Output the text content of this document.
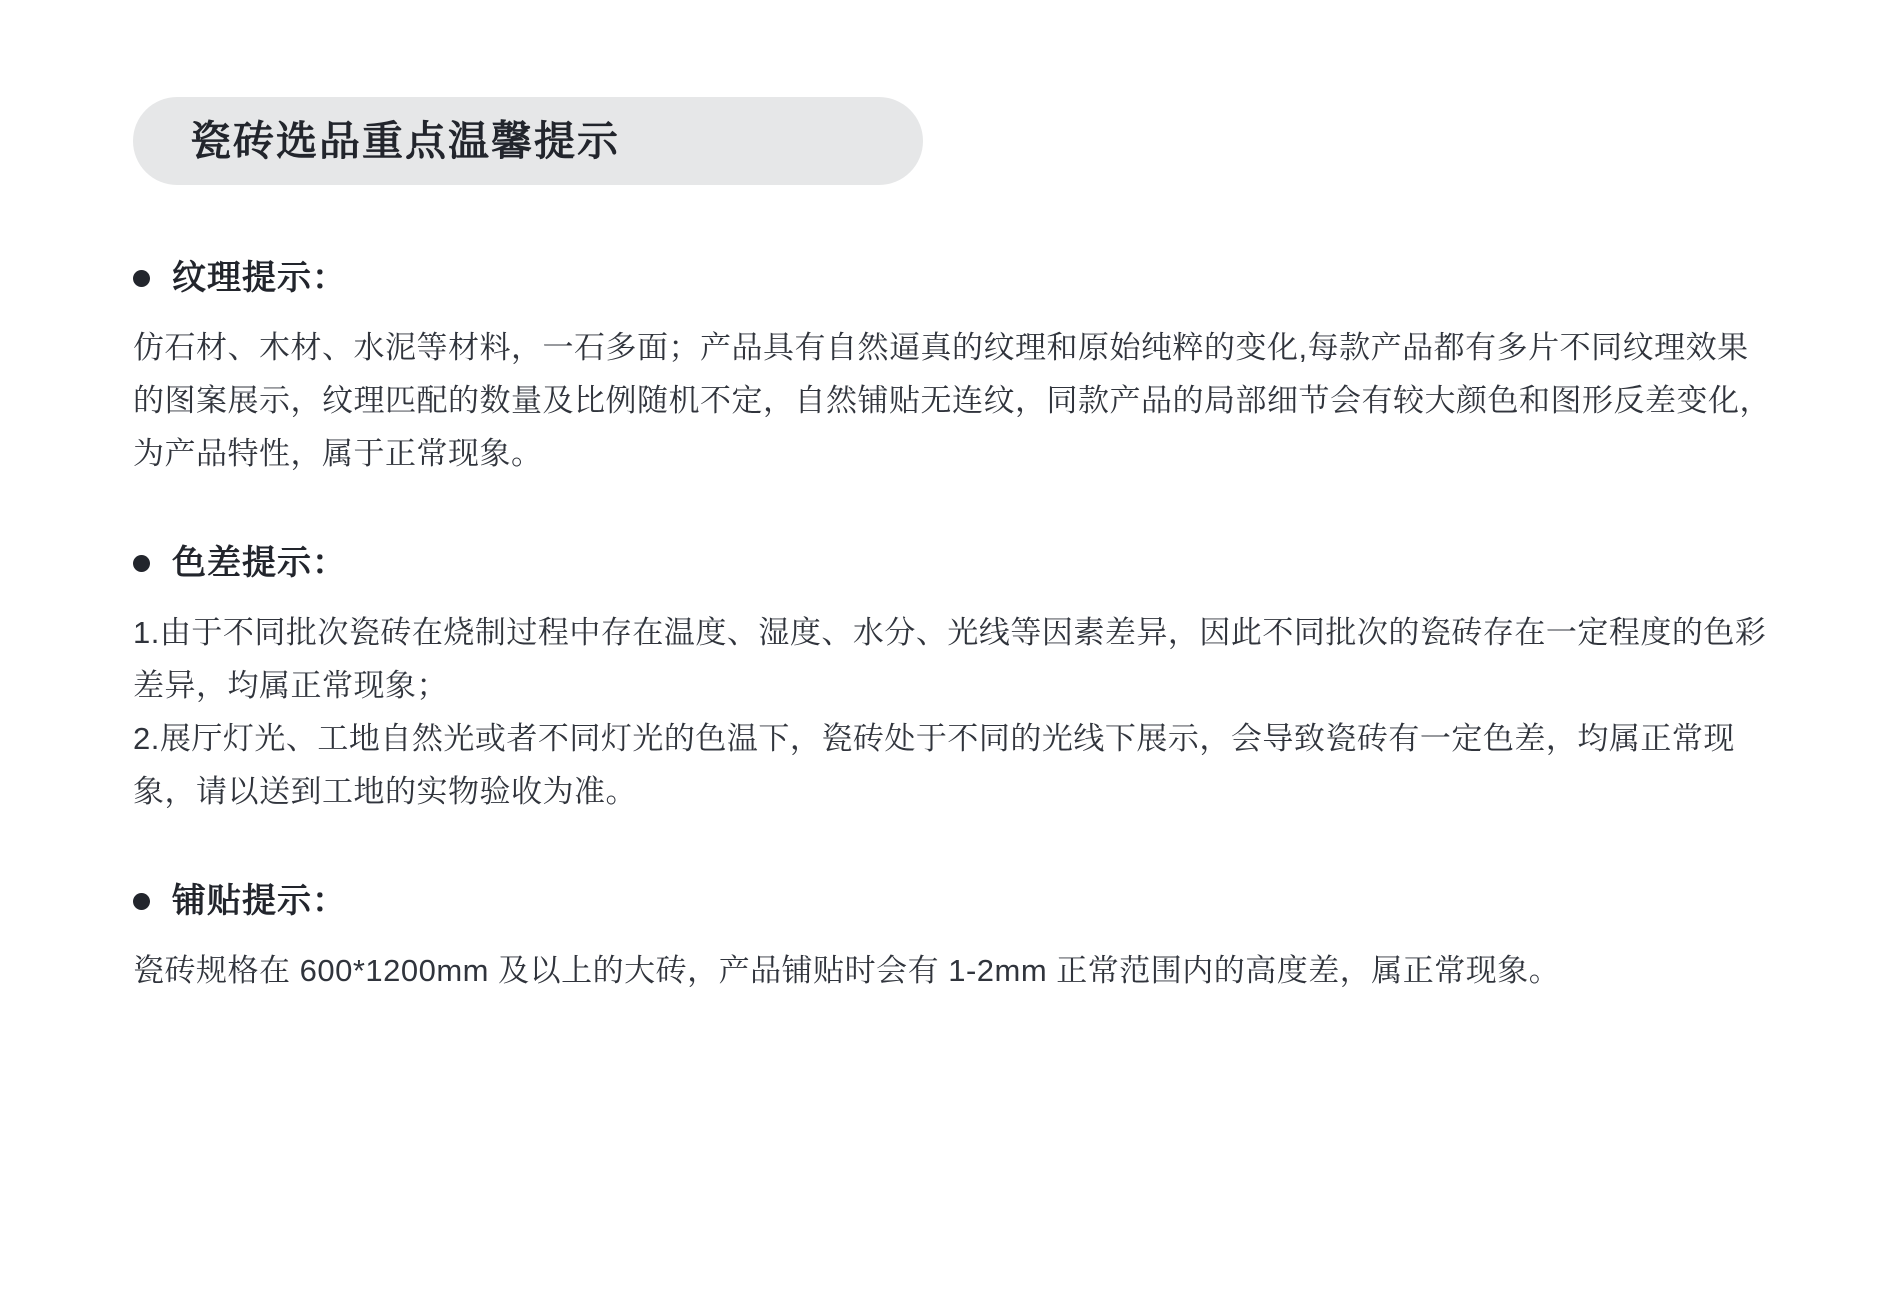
瓷砖选品重点温馨提示
纹理提示：

仿石材、木材、水泥等材料，一石多面；产品具有自然逼真的纹理和原始纯粹的变化,每款产品都有多片不同纹理效果的图案展示，纹理匹配的数量及比例随机不定，自然铺贴无连纹，同款产品的局部细节会有较大颜色和图形反差变化，为产品特性，属于正常现象。

色差提示：

1.由于不同批次瓷砖在烧制过程中存在温度、湿度、水分、光线等因素差异，因此不同批次的瓷砖存在一定程度的色彩差异，均属正常现象；

2.展厅灯光、工地自然光或者不同灯光的色温下，瓷砖处于不同的光线下展示，会导致瓷砖有一定色差，均属正常现象，请以送到工地的实物验收为准。

铺贴提示：

瓷砖规格在 600*1200mm 及以上的大砖，产品铺贴时会有 1-2mm 正常范围内的高度差，属正常现象。
